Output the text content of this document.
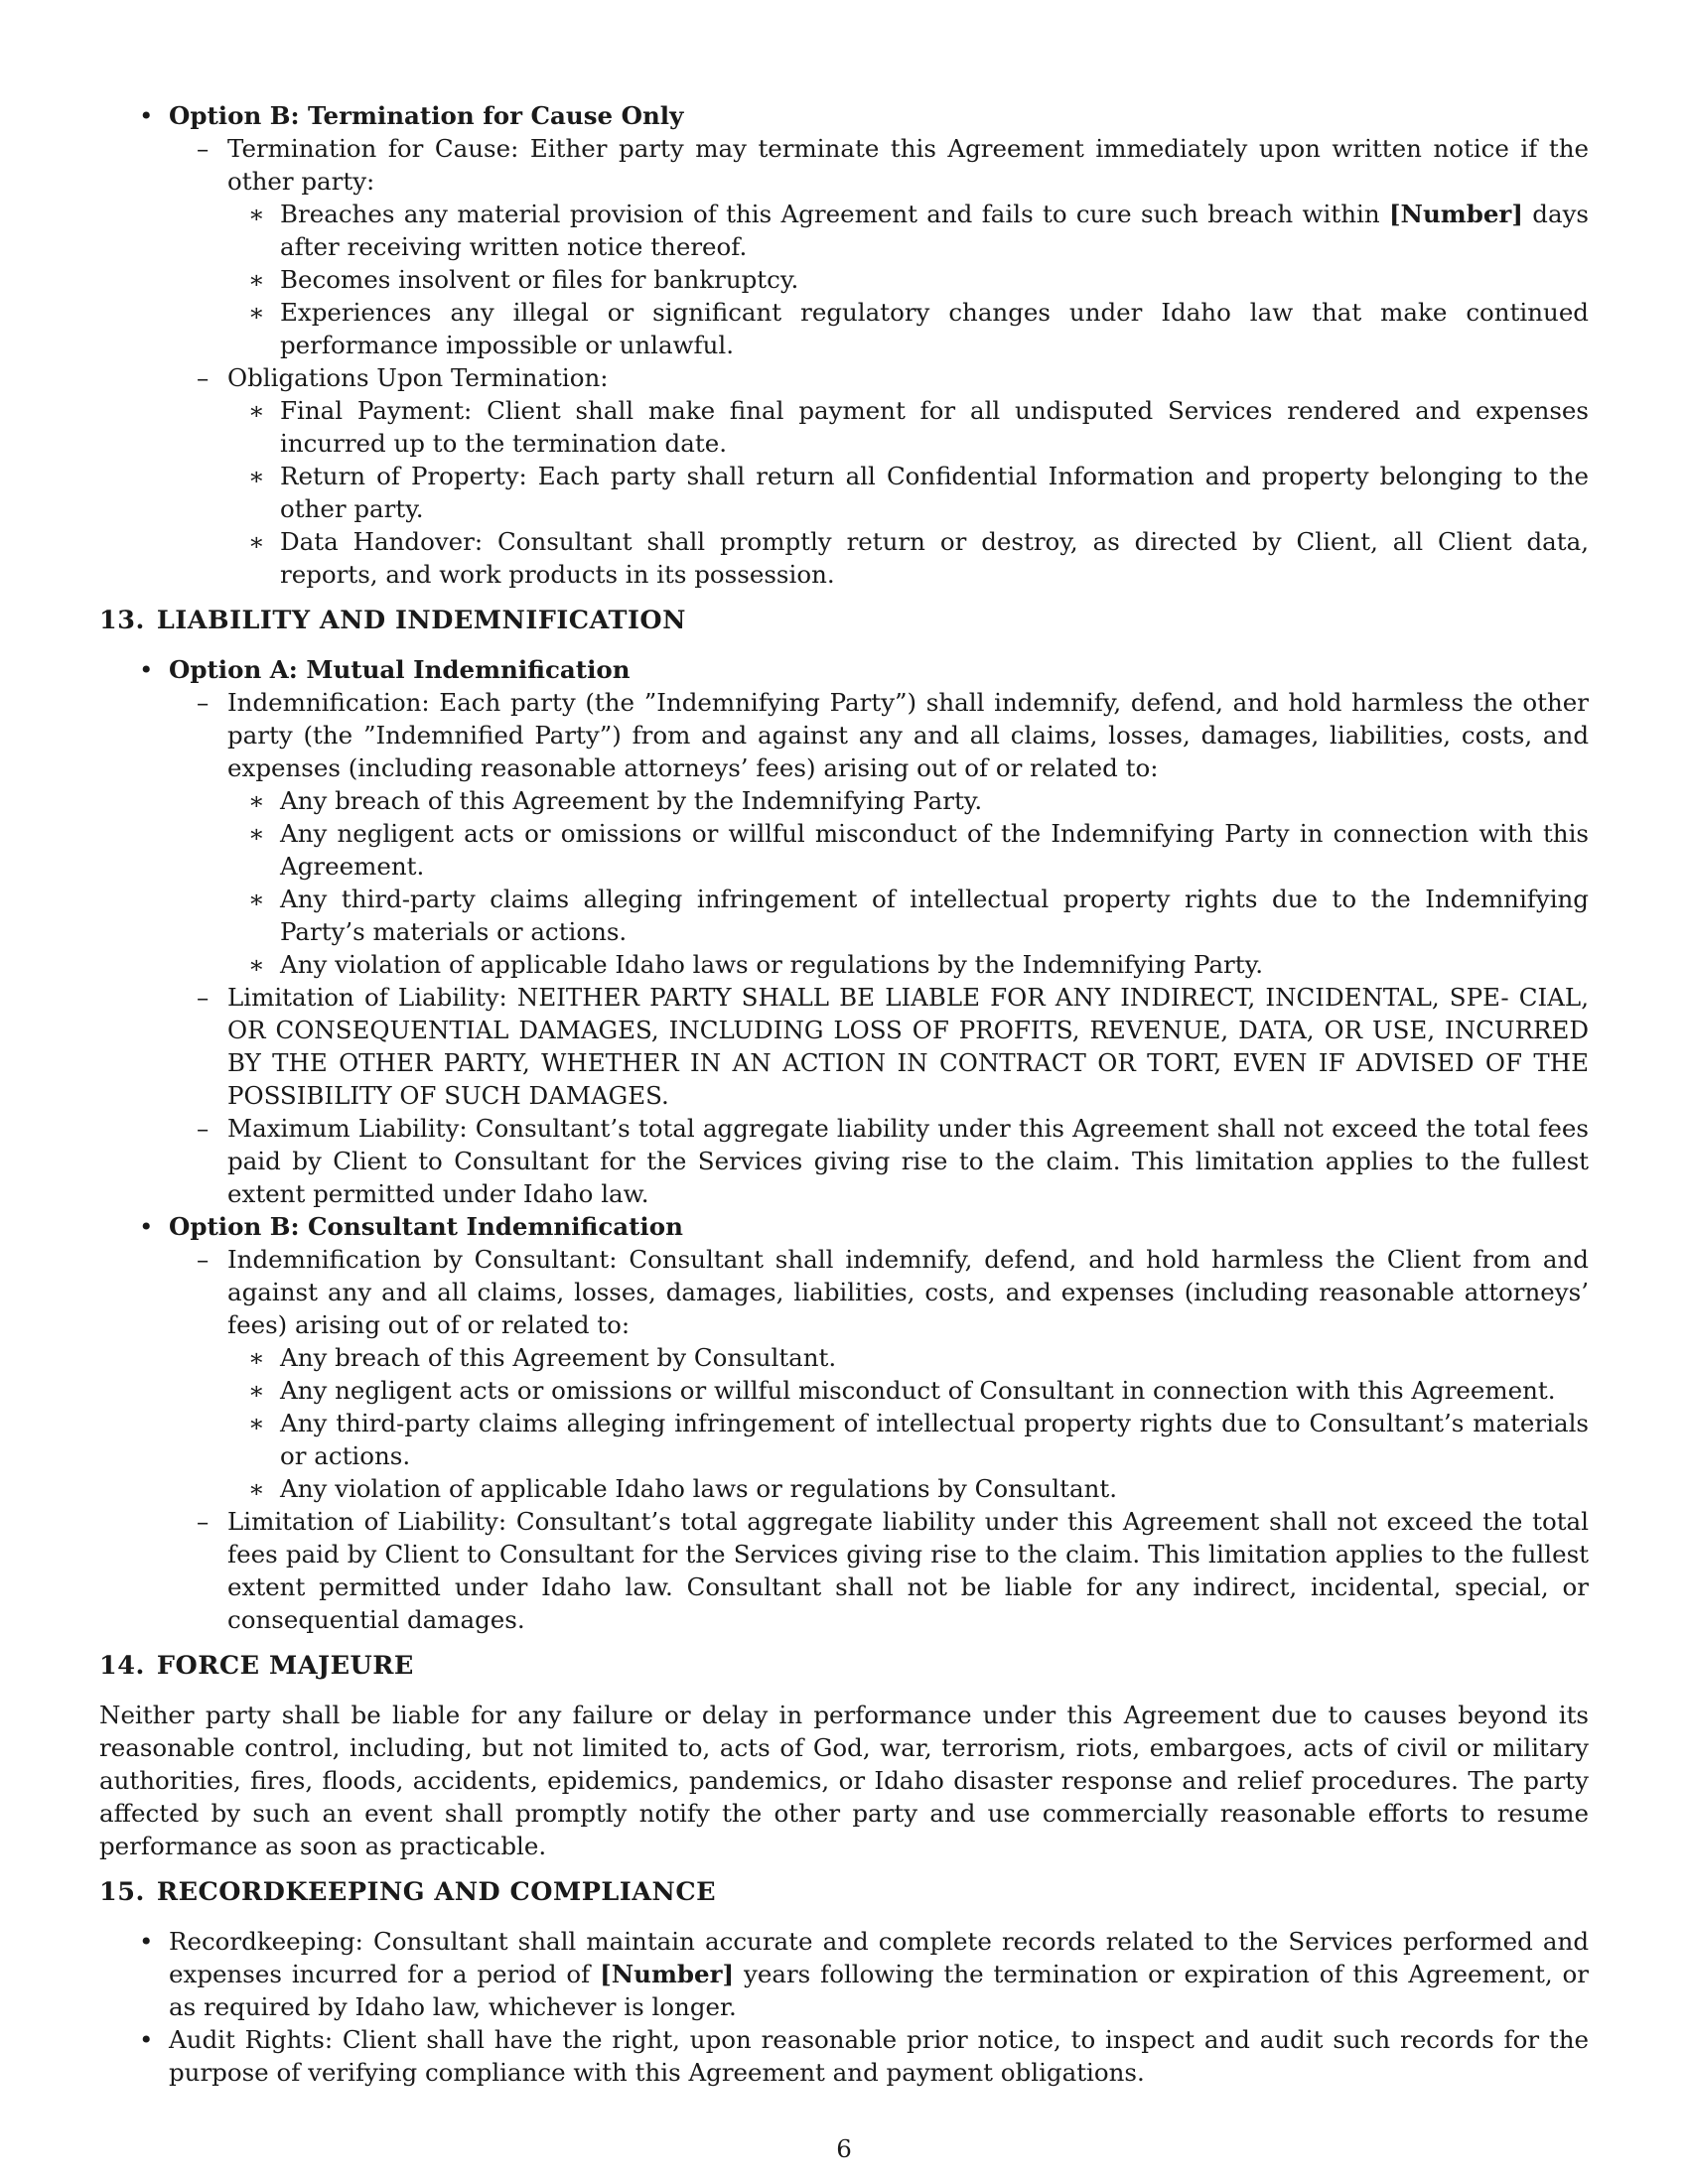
• Option B: Termination for Cause Only
– Termination for Cause: Either party may terminate this Agreement immediately upon written notice if the other party:
∗ Breaches any material provision of this Agreement and fails to cure such breach within [Number] days after receiving written notice thereof.
∗ Becomes insolvent or files for bankruptcy.
∗ Experiences any illegal or significant regulatory changes under Idaho law that make continued performance impossible or unlawful.
– Obligations Upon Termination:
∗ Final Payment: Client shall make final payment for all undisputed Services rendered and expenses incurred up to the termination date.
∗ Return of Property: Each party shall return all Confidential Information and property belonging to the other party.
∗ Data Handover: Consultant shall promptly return or destroy, as directed by Client, all Client data, reports, and work products in its possession.
13. LIABILITY AND INDEMNIFICATION
• Option A: Mutual Indemnification
– Indemnification: Each party (the ”Indemnifying Party”) shall indemnify, defend, and hold harmless the other party (the ”Indemnified Party”) from and against any and all claims, losses, damages, liabilities, costs, and expenses (including reasonable attorneys’ fees) arising out of or related to:
∗ Any breach of this Agreement by the Indemnifying Party.
∗ Any negligent acts or omissions or willful misconduct of the Indemnifying Party in connection with this Agreement.
∗ Any third-party claims alleging infringement of intellectual property rights due to the Indemnifying Party’s materials or actions.
∗ Any violation of applicable Idaho laws or regulations by the Indemnifying Party.
– Limitation of Liability: NEITHER PARTY SHALL BE LIABLE FOR ANY INDIRECT, INCIDENTAL, SPE- CIAL, OR CONSEQUENTIAL DAMAGES, INCLUDING LOSS OF PROFITS, REVENUE, DATA, OR USE, INCURRED BY THE OTHER PARTY, WHETHER IN AN ACTION IN CONTRACT OR TORT, EVEN IF ADVISED OF THE POSSIBILITY OF SUCH DAMAGES.
– Maximum Liability: Consultant’s total aggregate liability under this Agreement shall not exceed the total fees paid by Client to Consultant for the Services giving rise to the claim. This limitation applies to the fullest extent permitted under Idaho law.
• Option B: Consultant Indemnification
– Indemnification by Consultant: Consultant shall indemnify, defend, and hold harmless the Client from and against any and all claims, losses, damages, liabilities, costs, and expenses (including reasonable attorneys’ fees) arising out of or related to:
∗ Any breach of this Agreement by Consultant.
∗ Any negligent acts or omissions or willful misconduct of Consultant in connection with this Agreement.
∗ Any third-party claims alleging infringement of intellectual property rights due to Consultant’s materials or actions.
∗ Any violation of applicable Idaho laws or regulations by Consultant.
– Limitation of Liability: Consultant’s total aggregate liability under this Agreement shall not exceed the total fees paid by Client to Consultant for the Services giving rise to the claim. This limitation applies to the fullest extent permitted under Idaho law. Consultant shall not be liable for any indirect, incidental, special, or consequential damages.
14. FORCE MAJEURE
Neither party shall be liable for any failure or delay in performance under this Agreement due to causes beyond its reasonable control, including, but not limited to, acts of God, war, terrorism, riots, embargoes, acts of civil or military authorities, fires, floods, accidents, epidemics, pandemics, or Idaho disaster response and relief procedures. The party affected by such an event shall promptly notify the other party and use commercially reasonable efforts to resume performance as soon as practicable.
15. RECORDKEEPING AND COMPLIANCE
• Recordkeeping: Consultant shall maintain accurate and complete records related to the Services performed and expenses incurred for a period of [Number] years following the termination or expiration of this Agreement, or as required by Idaho law, whichever is longer.
• Audit Rights: Client shall have the right, upon reasonable prior notice, to inspect and audit such records for the purpose of verifying compliance with this Agreement and payment obligations.
6
